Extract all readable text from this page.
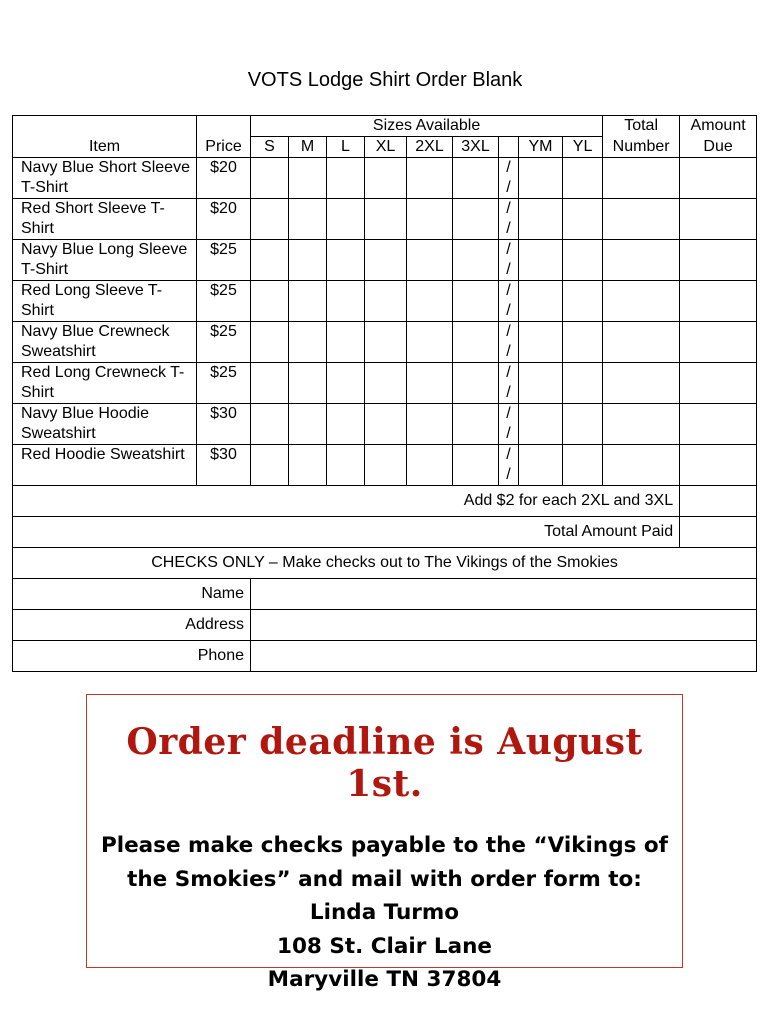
VOTS Lodge Shirt Order Blank
Item		Sizes Available									Total	Amount
	Price	S	M	L	XL	2XL	3XL		YM	YL	Number	Due
Navy Blue Short Sleeve T-Shirt	$20							/
/				

Red Short Sleeve T-Shirt	$20							/
/				

Navy Blue Long Sleeve T-Shirt	$25							/
/				

Red Long Sleeve T-Shirt	$25							/
/				

Navy Blue Crewneck Sweatshirt	$25							/
/				

Red Long Crewneck T-Shirt	$25							/
/				

Navy Blue Hoodie Sweatshirt	$30							/
/				

Red Hoodie Sweatshirt	$30							/
/				

Add $2 for each 2XL and 3XL												
Total Amount Paid												
CHECKS ONLY – Make checks out to The Vikings of the Smokies												
Name												
Address												
Phone												
Order deadline is August 1st.
Please make checks payable to the “Vikings of
the Smokies” and mail with order form to:
Linda Turmo
108 St. Clair Lane
Maryville TN 37804
